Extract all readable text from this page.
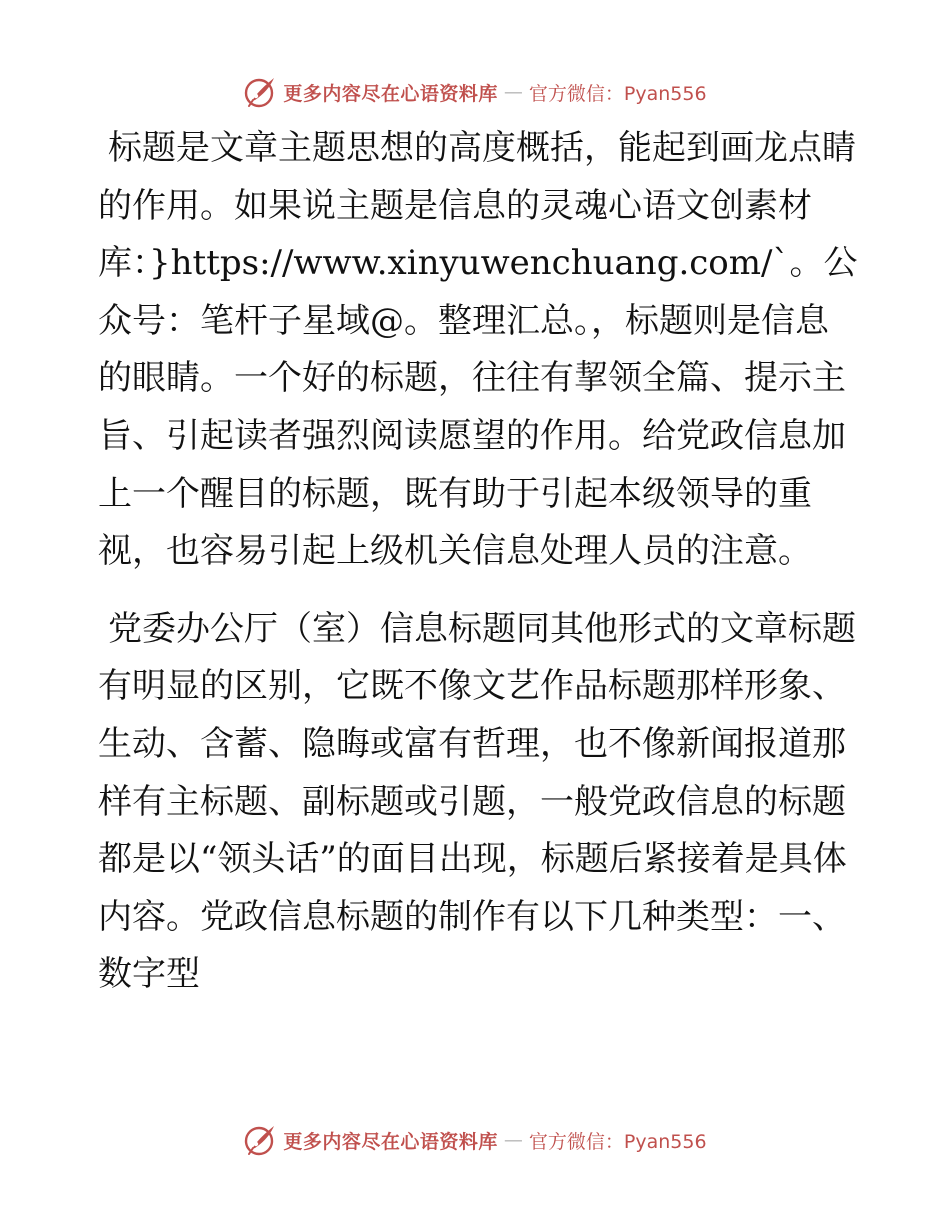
更多内容尽在心语资料库 — 官方微信：Pyan556

标题是文章主题思想的高度概括，能起到画龙点睛的作用。如果说主题是信息的灵魂心语文创素材库：}https://www.xinyuwenchuang.com/`。公众号：笔杆子星域@。整理汇总。，标题则是信息的眼睛。一个好的标题，往往有挈领全篇、提示主旨、引起读者强烈阅读愿望的作用。给党政信息加上一个醒目的标题，既有助于引起本级领导的重视，也容易引起上级机关信息处理人员的注意。

党委办公厅（室）信息标题同其他形式的文章标题有明显的区别，它既不像文艺作品标题那样形象、生动、含蓄、隐晦或富有哲理，也不像新闻报道那样有主标题、副标题或引题，一般党政信息的标题都是以“领头话”的面目出现，标题后紧接着是具体内容。党政信息标题的制作有以下几种类型：一、数字型

更多内容尽在心语资料库 — 官方微信：Pyan556
